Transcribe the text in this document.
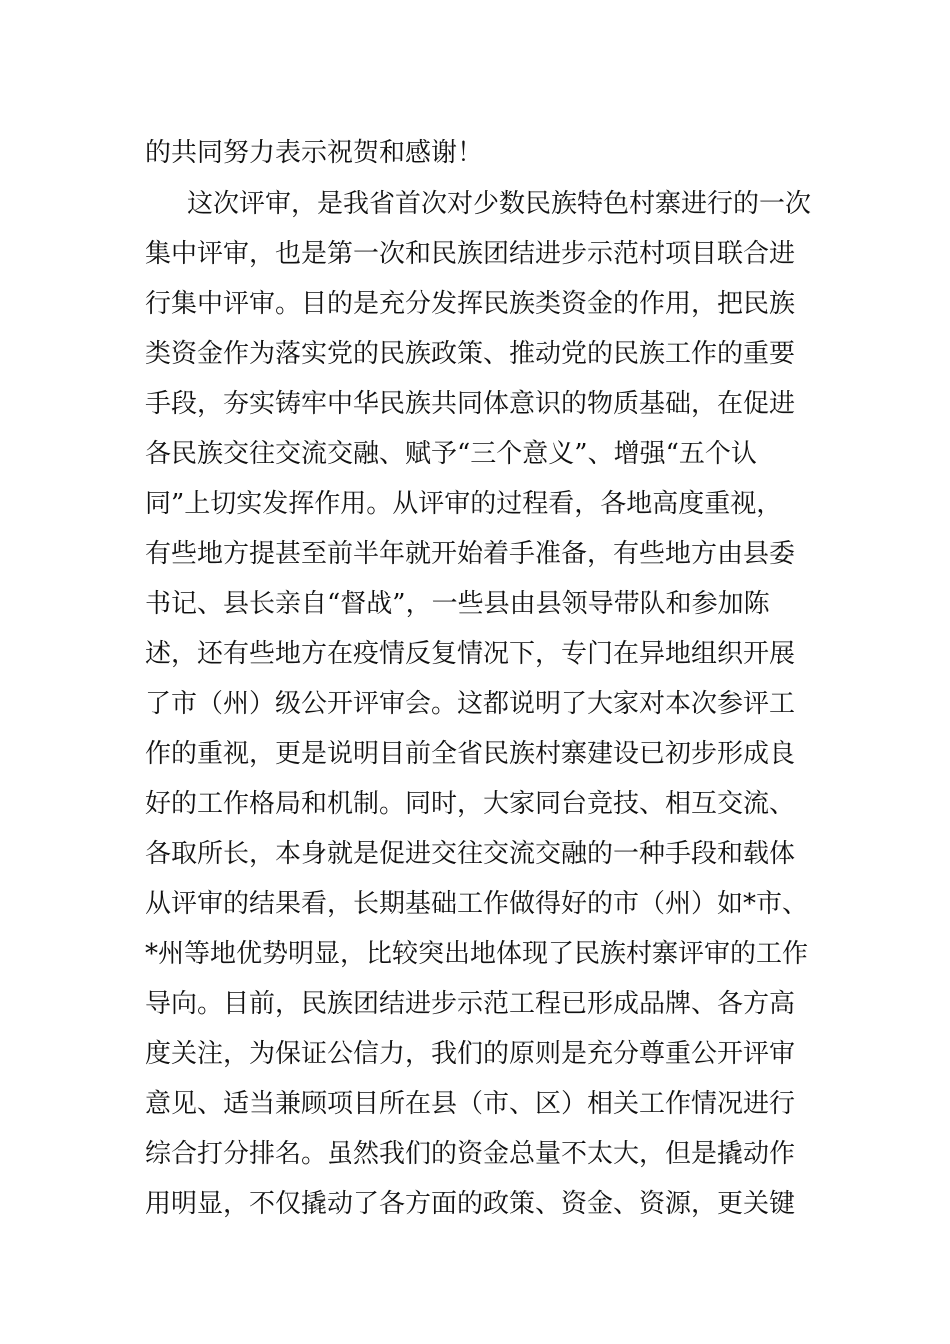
的共同努力表示祝贺和感谢！
这次评审，是我省首次对少数民族特色村寨进行的一次
集中评审，也是第一次和民族团结进步示范村项目联合进
行集中评审。目的是充分发挥民族类资金的作用，把民族
类资金作为落实党的民族政策、推动党的民族工作的重要
手段，夯实铸牢中华民族共同体意识的物质基础，在促进
各民族交往交流交融、赋予“三个意义”、增强“五个认
同”上切实发挥作用。从评审的过程看，各地高度重视，
有些地方提甚至前半年就开始着手准备，有些地方由县委
书记、县长亲自“督战”，一些县由县领导带队和参加陈
述，还有些地方在疫情反复情况下，专门在异地组织开展
了市（州）级公开评审会。这都说明了大家对本次参评工
作的重视，更是说明目前全省民族村寨建设已初步形成良
好的工作格局和机制。同时，大家同台竞技、相互交流、
各取所长，本身就是促进交往交流交融的一种手段和载体
从评审的结果看，长期基础工作做得好的市（州）如*市、
*州等地优势明显，比较突出地体现了民族村寨评审的工作
导向。目前，民族团结进步示范工程已形成品牌、各方高
度关注，为保证公信力，我们的原则是充分尊重公开评审
意见、适当兼顾项目所在县（市、区）相关工作情况进行
综合打分排名。虽然我们的资金总量不太大，但是撬动作
用明显，不仅撬动了各方面的政策、资金、资源，更关键
